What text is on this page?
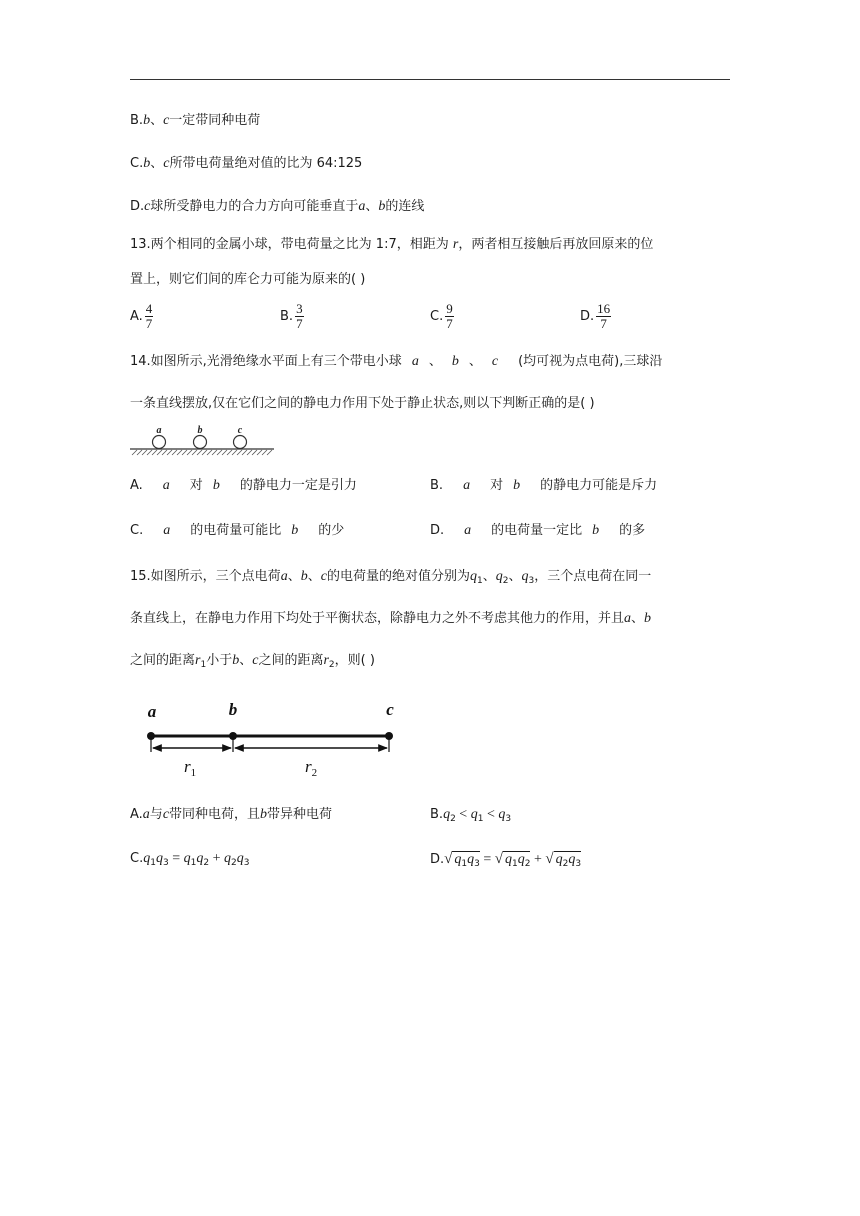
B.b、c一定带同种电荷
C.b、c所带电荷量绝对值的比为 64:125
D.c球所受静电力的合力方向可能垂直于a、b的连线
13.两个相同的金属小球，带电荷量之比为 1:7，相距为 r，两者相互接触后再放回原来的位
置上，则它们间的库仑力可能为原来的( )
A. $\frac{4}{7}$	B. $\frac{3}{7}$	C. $\frac{9}{7}$	D. $\frac{16}{7}$
14.如图所示,光滑绝缘水平面上有三个带电小球 a 、 b 、 c (均可视为点电荷),三球沿
一条直线摆放,仅在它们之间的静电力作用下处于静止状态,则以下判断正确的是( )
a	b	c
A. a 对 b 的静电力一定是引力	B. a 对 b 的静电力可能是斥力
C. a 的电荷量可能比 b 的少	D. a 的电荷量一定比 b 的多
15.如图所示，三个点电荷a、b、c的电荷量的绝对值分别为$q_1$、$q_2$、$q_3$，三个点电荷在同一
条直线上，在静电力作用下均处于平衡状态，除静电力之外不考虑其他力的作用，并且a、b
之间的距离$r_1$小于b、c之间的距离$r_2$，则( )
a	b	c
$r_1$	$r_2$
A.a与c带同种电荷，且b带异种电荷	$B.q_2 < q_1 < q_3$
$C.q_1q_3 = q_1q_2 + q_2q_3$	D.√ $q_1q_3$ = √ $q_1q_2$ + √ $q_2q_3$
